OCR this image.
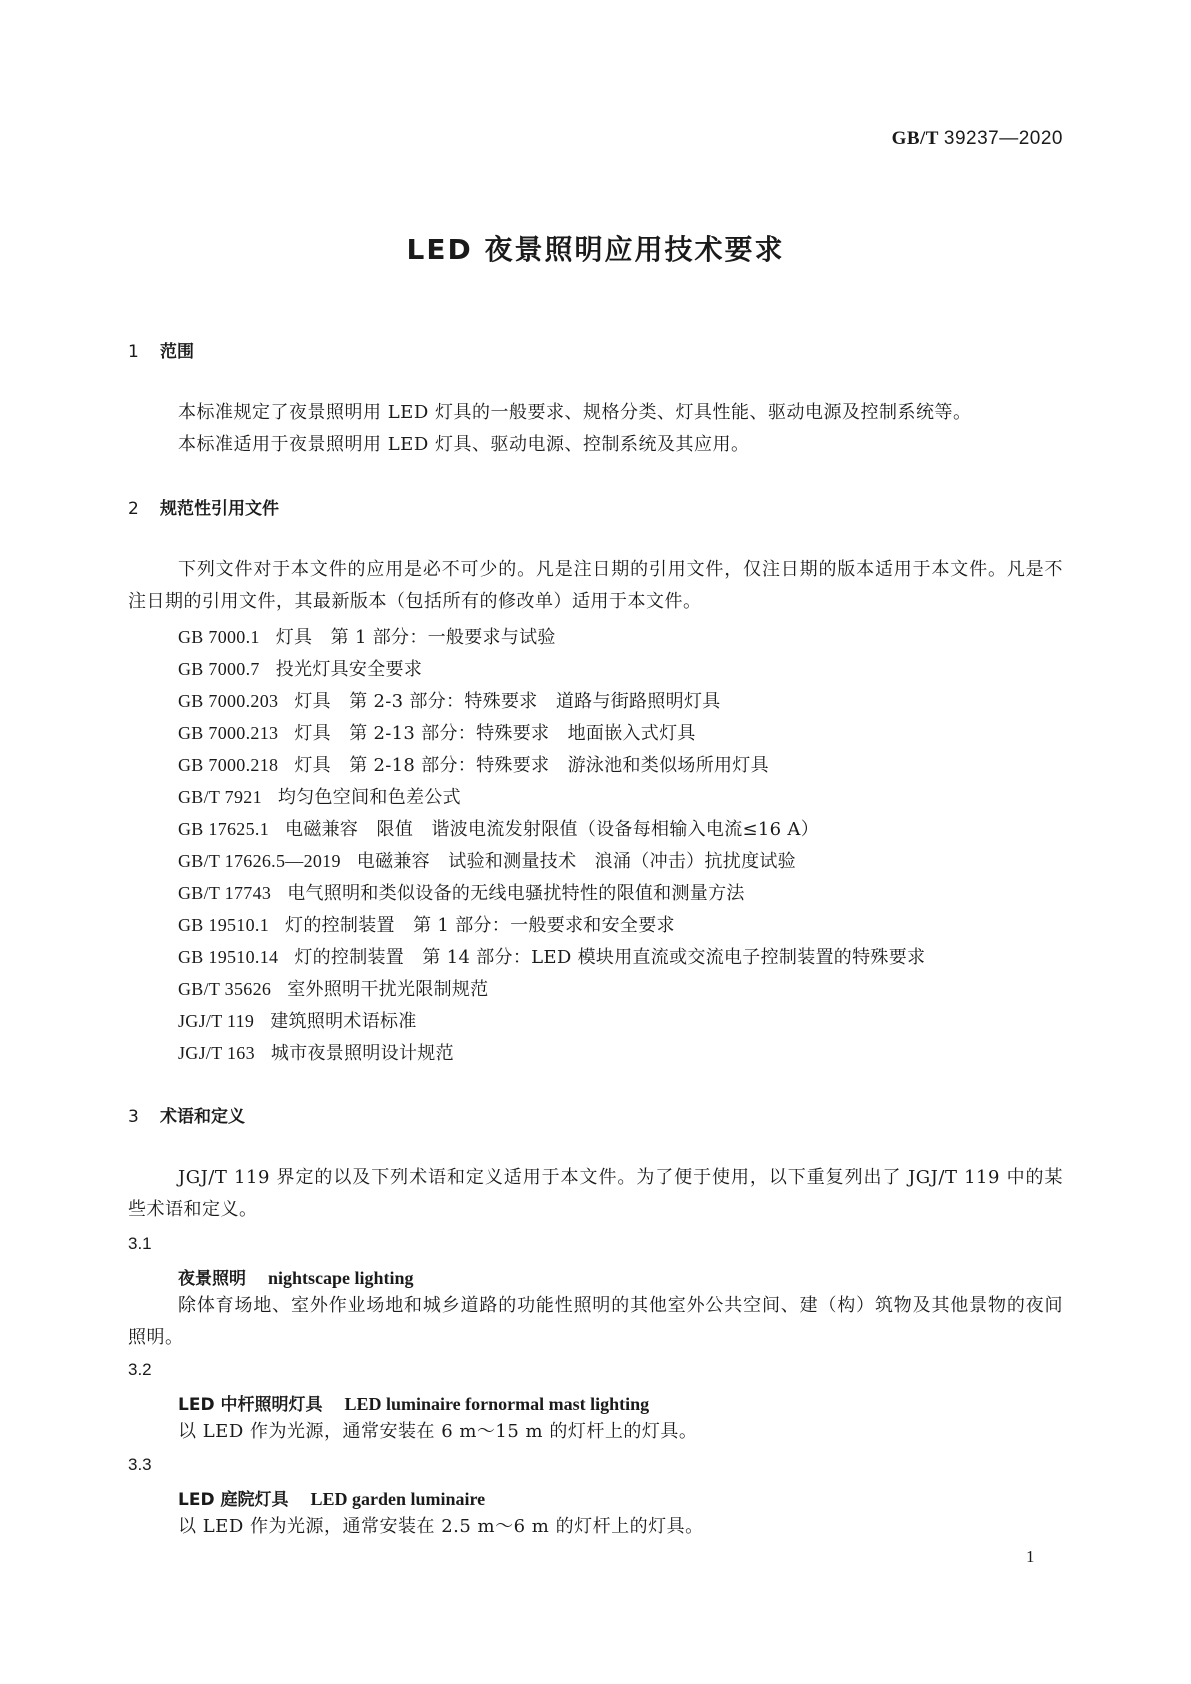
GB/T 39237—2020
LED 夜景照明应用技术要求
1 范围
本标准规定了夜景照明用 LED 灯具的一般要求、规格分类、灯具性能、驱动电源及控制系统等。
本标准适用于夜景照明用 LED 灯具、驱动电源、控制系统及其应用。
2 规范性引用文件
下列文件对于本文件的应用是必不可少的。凡是注日期的引用文件，仅注日期的版本适用于本文件。凡是不注日期的引用文件，其最新版本（包括所有的修改单）适用于本文件。
GB 7000.1 灯具　第 1 部分：一般要求与试验
GB 7000.7 投光灯具安全要求
GB 7000.203 灯具　第 2-3 部分：特殊要求　道路与街路照明灯具
GB 7000.213 灯具　第 2-13 部分：特殊要求　地面嵌入式灯具
GB 7000.218 灯具　第 2-18 部分：特殊要求　游泳池和类似场所用灯具
GB/T 7921 均匀色空间和色差公式
GB 17625.1 电磁兼容　限值　谐波电流发射限值（设备每相输入电流≤16 A）
GB/T 17626.5—2019 电磁兼容　试验和测量技术　浪涌（冲击）抗扰度试验
GB/T 17743 电气照明和类似设备的无线电骚扰特性的限值和测量方法
GB 19510.1 灯的控制装置　第 1 部分：一般要求和安全要求
GB 19510.14 灯的控制装置　第 14 部分：LED 模块用直流或交流电子控制装置的特殊要求
GB/T 35626 室外照明干扰光限制规范
JGJ/T 119 建筑照明术语标准
JGJ/T 163 城市夜景照明设计规范
3 术语和定义
JGJ/T 119 界定的以及下列术语和定义适用于本文件。为了便于使用，以下重复列出了 JGJ/T 119 中的某些术语和定义。
3.1
夜景照明 nightscape lighting
除体育场地、室外作业场地和城乡道路的功能性照明的其他室外公共空间、建（构）筑物及其他景物的夜间照明。
3.2
LED 中杆照明灯具 LED luminaire fornormal mast lighting
以 LED 作为光源，通常安装在 6 m～15 m 的灯杆上的灯具。
3.3
LED 庭院灯具 LED garden luminaire
以 LED 作为光源，通常安装在 2.5 m～6 m 的灯杆上的灯具。
1
